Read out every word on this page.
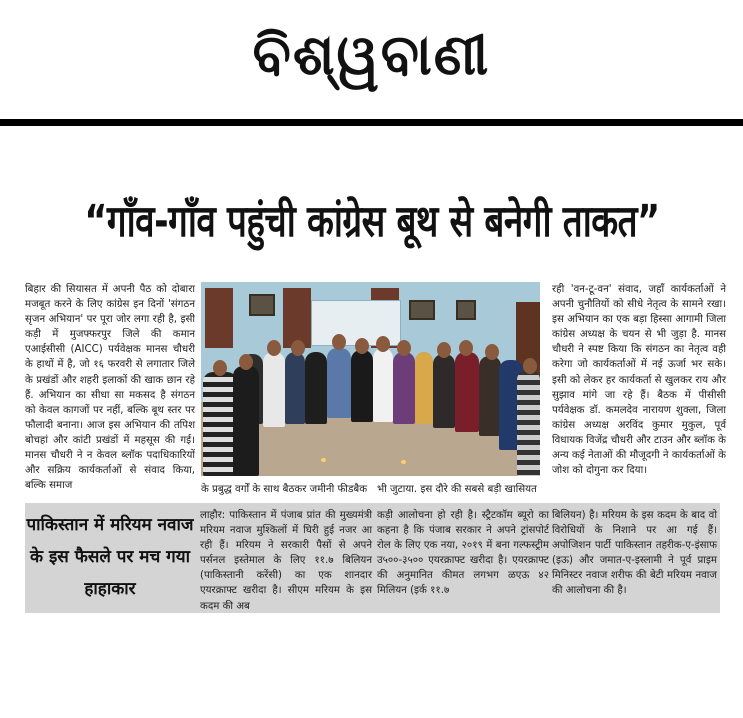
ବିଶ୍ୱବାଣୀ
“गाँव-गाँव पहुंची कांग्रेस बूथ से बनेगी ताकत”
बिहार की सियासत में अपनी पैठ को दोबारा मजबूत करने के लिए कांग्रेस इन दिनों 'संगठन सृजन अभियान' पर पूरा जोर लगा रही है, इसी कड़ी में मुजफ्फरपुर जिले की कमान एआईसीसी (AICC) पर्यवेक्षक मानस चौधरी के हाथों में है, जो १६ फरवरी से लगातार जिले के प्रखंडों और शहरी इलाकों की खाक छान रहे हैं. अभियान का सीधा सा मकसद है संगठन को केवल कागजों पर नहीं, बल्कि बूथ स्तर पर फौलादी बनाना। आज इस अभियान की तपिश बोचहां और कांटी प्रखंडों में महसूस की गई। मानस चौधरी ने न केवल ब्लॉक पदाधिकारियों और सक्रिय कार्यकर्ताओं से संवाद किया, बल्कि समाज	के प्रबुद्ध वर्गों के साथ बैठकर जमीनी फीडबैक भी जुटाया. इस दौरे की सबसे बड़ी खासियत
रही 'वन-टू-वन' संवाद, जहाँ कार्यकर्ताओं ने अपनी चुनौतियों को सीधे नेतृत्व के सामने रखा। इस अभियान का एक बड़ा हिस्सा आगामी जिला कांग्रेस अध्यक्ष के चयन से भी जुड़ा है. मानस चौधरी ने स्पष्ट किया कि संगठन का नेतृत्व वही करेगा जो कार्यकर्ताओं में नई ऊर्जा भर सके। इसी को लेकर हर कार्यकर्ता से खुलकर राय और सुझाव मांगे जा रहे हैं। बैठक में पीसीसी पर्यवेक्षक डॉ. कमलदेव नारायण शुक्ला, जिला कांग्रेस अध्यक्ष अरविंद कुमार मुकुल, पूर्व विधायक विजेंद्र चौधरी और टाउन और ब्लॉक के अन्य कई नेताओं की मौजूदगी ने कार्यकर्ताओं के जोश को दोगुना कर दिया।
पाकिस्तान में मरियम नवाज के इस फैसले पर मच गया हाहाकार
लाहौर: पाकिस्तान में पंजाब प्रांत की मुख्यमंत्री मरियम नवाज मुश्किलों में घिरी हुई नजर आ रही हैं। मरियम ने सरकारी पैसों से अपने पर्सनल इस्तेमाल के लिए ११.७ बिलियन (पाकिस्तानी करेंसी) का एक शानदार एयरक्राफ्ट खरीदा है। सीएम मरियम के इस कदम की अब
कड़ी आलोचना हो रही है। स्ट्रैटकॉम ब्यूरो का कहना है कि पंजाब सरकार ने अपने ट्रांसपोर्ट रोल के लिए एक नया, २०१९ में बना गल्फस्ट्रीम उ५००-३५०० एयरक्राफ्ट खरीदा है। एयरक्राफ्ट की अनुमानित कीमत लगभग ळएऊ ४२ मिलियन (इर्क ११.७
बिलियन) है। मरियम के इस कदम के बाद वो विरोधियों के निशाने पर आ गई हैं। अपोजिशन पार्टी पाकिस्तान तहरीक-ए-इंसाफ (इऊ) और जमात-ए-इस्लामी ने पूर्व प्राइम मिनिस्टर नवाज शरीफ की बेटी मरियम नवाज की आलोचना की है।
